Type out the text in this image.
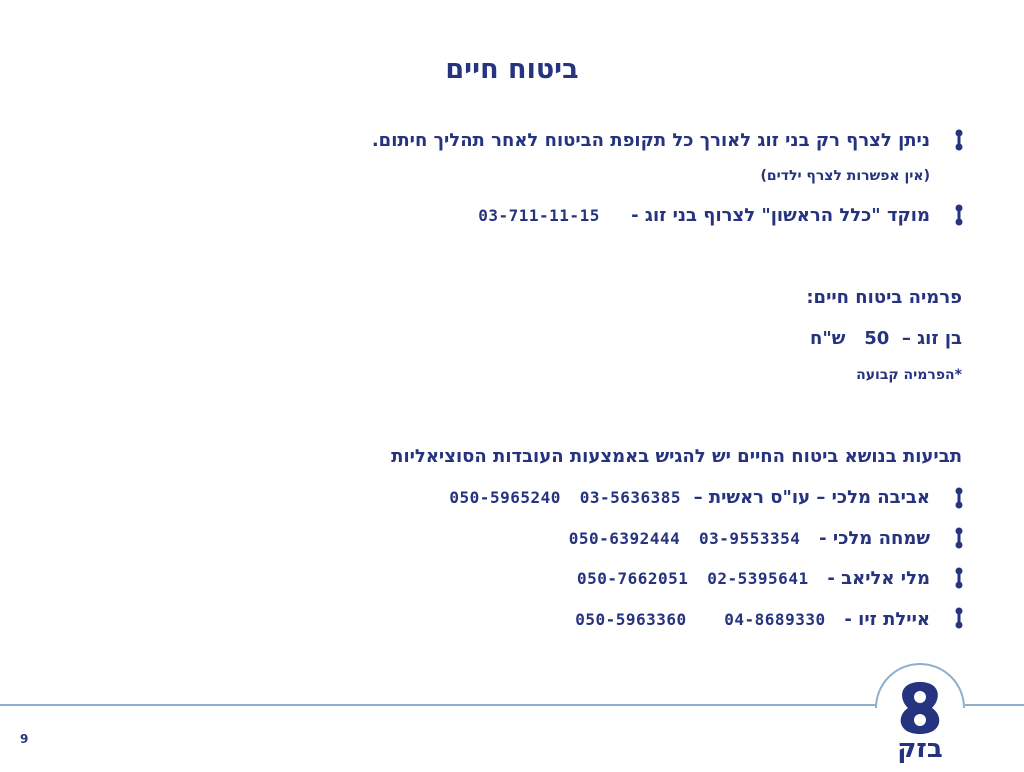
ביטוח חיים
ניתן לצרף רק בני זוג לאורך כל תקופת הביטוח לאחר תהליך חיתום.
(אין אפשרות לצרף ילדים)
מוקד "כלל הראשון" לצרוף בני זוג -     03-711-11-15
פרמיה ביטוח חיים:
בן זוג –  50   ש"ח
*הפרמיה קבועה
תביעות בנושא ביטוח החיים יש להגיש באמצעות העובדות הסוציאליות
אביבה מלכי – עו"ס ראשית –  03-5636385   050-5965240
שמחה מלכי -   03-9553354   050-6392444
מלי אליאב -   02-5395641   050-7662051
איילת זיו -   04-8689330      050-5963360
9	בזק
